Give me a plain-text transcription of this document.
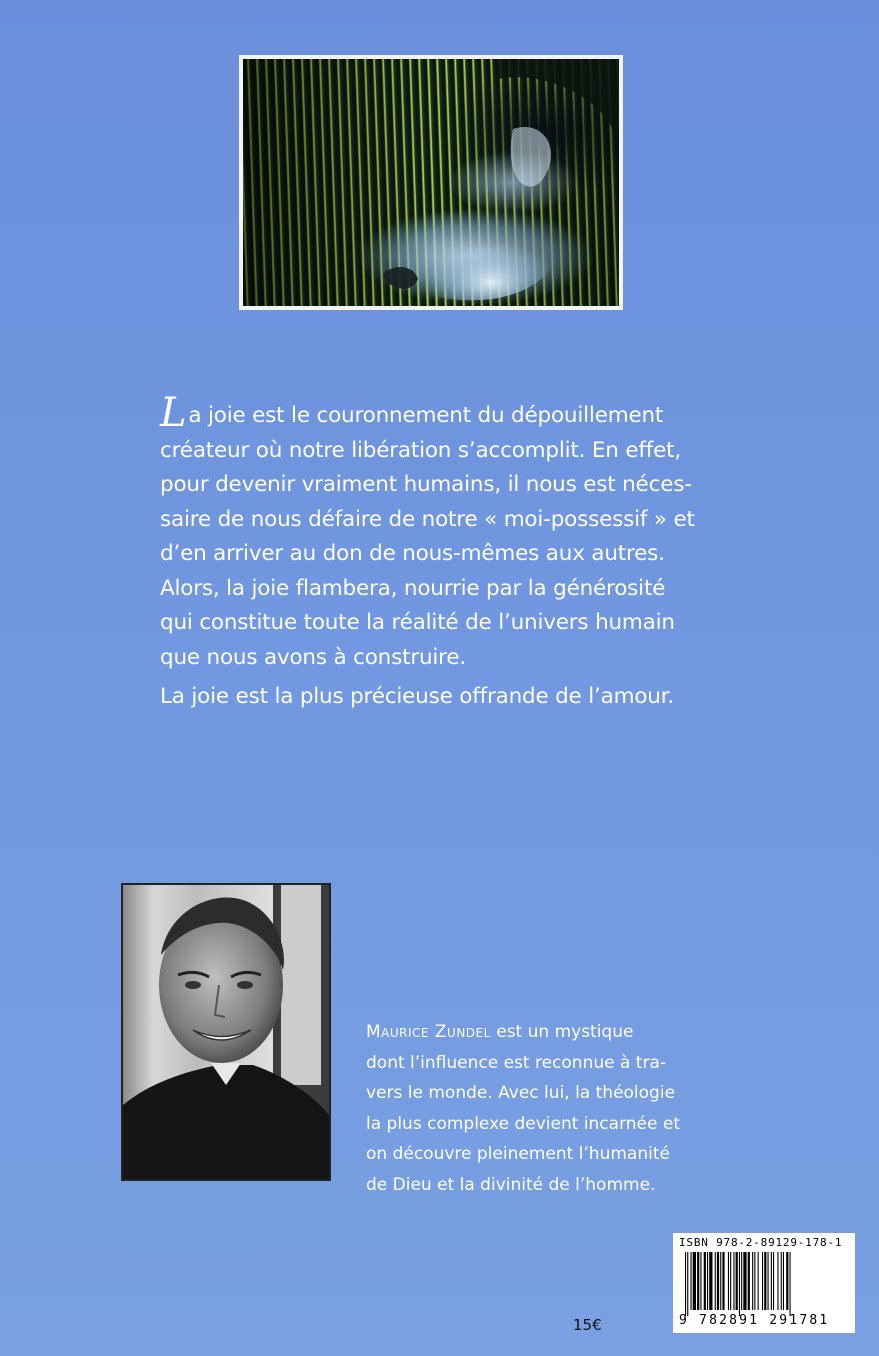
La joie est le couronnement du dépouillement
créateur où notre libération s’accomplit. En effet,
pour devenir vraiment humains, il nous est néces-
saire de nous défaire de notre « moi-possessif » et
d’en arriver au don de nous-mêmes aux autres.
Alors, la joie flambera, nourrie par la générosité
qui constitue toute la réalité de l’univers humain
que nous avons à construire.
La joie est la plus précieuse offrande de l’amour.
Maurice Zundel est un mystique
dont l’influence est reconnue à tra-
vers le monde. Avec lui, la théologie
la plus complexe devient incarnée et
on découvre pleinement l’humanité
de Dieu et la divinité de l’homme.
ISBN 978-2-89129-178-1
9 782891 291781
15€
